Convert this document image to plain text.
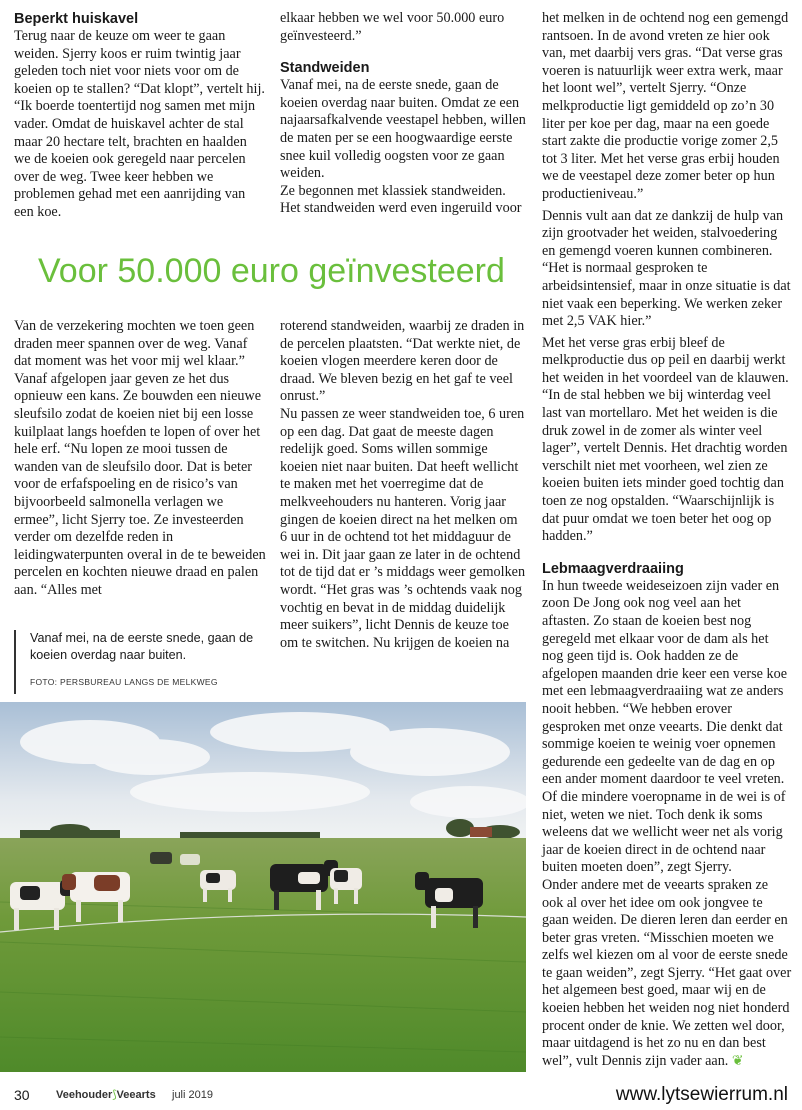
Beperkt huiskavel

Terug naar de keuze om weer te gaan weiden. Sjerry koos er ruim twintig jaar geleden toch niet voor niets voor om de koeien op te stallen? “Dat klopt”, vertelt hij. “Ik boerde toentertijd nog samen met mijn vader. Omdat de huiskavel achter de stal maar 20 hectare telt, brachten en haalden we de koeien ook geregeld naar percelen over de weg. Twee keer hebben we problemen gehad met een aanrijding van een koe.

elkaar hebben we wel voor 50.000 euro geïnvesteerd.”

Standweiden

Vanaf mei, na de eerste snede, gaan de koeien overdag naar buiten. Omdat ze een najaarsafkalvende veestapel hebben, willen de maten per se een hoogwaardige eerste snee kuil volledig oogsten voor ze gaan weiden.

Ze begonnen met klassiek standweiden. Het standweiden werd even ingeruild voor

Voor 50.000 euro geïnvesteerd

Van de verzekering mochten we toen geen draden meer spannen over de weg. Vanaf dat moment was het voor mij wel klaar.”

Vanaf afgelopen jaar geven ze het dus opnieuw een kans. Ze bouwden een nieuwe sleufsilo zodat de koeien niet bij een losse kuilplaat langs hoefden te lopen of over het hele erf. “Nu lopen ze mooi tussen de wanden van de sleufsilo door. Dat is beter voor de erfafspoeling en de risico’s van bijvoorbeeld salmonella verlagen we ermee”, licht Sjerry toe. Ze investeerden verder om dezelfde reden in leidingwaterpunten overal in de te beweiden percelen en kochten nieuwe draad en palen aan. “Alles met

roterend standweiden, waarbij ze draden in de percelen plaatsten. “Dat werkte niet, de koeien vlogen meerdere keren door de draad. We bleven bezig en het gaf te veel onrust.”

Nu passen ze weer standweiden toe, 6 uren op een dag. Dat gaat de meeste dagen redelijk goed. Soms willen sommige koeien niet naar buiten. Dat heeft wellicht te maken met het voerregime dat de melkveehouders nu hanteren. Vorig jaar gingen de koeien direct na het melken om 6 uur in de ochtend tot het middaguur de wei in. Dit jaar gaan ze later in de ochtend tot de tijd dat er ’s middags weer gemolken wordt. “Het gras was ’s ochtends vaak nog vochtig en bevat in de middag duidelijk meer suikers”, licht Dennis de keuze toe om te switchen. Nu krijgen de koeien na

het melken in de ochtend nog een gemengd rantsoen. In de avond vreten ze hier ook van, met daarbij vers gras. “Dat verse gras voeren is natuurlijk weer extra werk, maar het loont wel”, vertelt Sjerry. “Onze melkproductie ligt gemiddeld op zo’n 30 liter per koe per dag, maar na een goede start zakte die productie vorige zomer 2,5 tot 3 liter. Met het verse gras erbij houden we de veestapel deze zomer beter op hun productieniveau.”

Dennis vult aan dat ze dankzij de hulp van zijn grootvader het weiden, stalvoedering en gemengd voeren kunnen combineren. “Het is normaal gesproken te arbeidsintensief, maar in onze situatie is dat niet vaak een beperking. We werken zeker met 2,5 VAK hier.”

Met het verse gras erbij bleef de melkproductie dus op peil en daarbij werkt het weiden in het voordeel van de klauwen. “In de stal hebben we bij winterdag veel last van mortellaro. Met het weiden is die druk zowel in de zomer als winter veel lager”, vertelt Dennis. Het drachtig worden verschilt niet met voorheen, wel zien ze koeien buiten iets minder goed tochtig dan toen ze nog opstalden. “Waarschijnlijk is dat puur omdat we toen beter het oog op hadden.”

Lebmaagverdraaiing

In hun tweede weideseizoen zijn vader en zoon De Jong ook nog veel aan het aftasten. Zo staan de koeien best nog geregeld met elkaar voor de dam als het nog geen tijd is. Ook hadden ze de afgelopen maanden drie keer een verse koe met een lebmaagverdraaiing wat ze anders nooit hebben. “We hebben erover gesproken met onze veearts. Die denkt dat sommige koeien te weinig voer opnemen gedurende een gedeelte van de dag en op een ander moment daardoor te veel vreten. Of die mindere voeropname in de wei is of niet, weten we niet. Toch denk ik soms weleens dat we wellicht weer net als vorig jaar de koeien direct in de ochtend naar buiten moeten doen”, zegt Sjerry.

Onder andere met de veearts spraken ze ook al over het idee om ook jongvee te gaan weiden. De dieren leren dan eerder en beter gras vreten. “Misschien moeten we zelfs wel kiezen om al voor de eerste snede te gaan weiden”, zegt Sjerry. “Het gaat over het algemeen best goed, maar wij en de koeien hebben het weiden nog niet honderd procent onder de knie. We zetten wel door, maar uitdagend is het zo nu en dan best wel”, vult Dennis zijn vader aan. ❦

Vanaf mei, na de eerste snede, gaan de koeien overdag naar buiten.
FOTO: PERSBUREAU LANGS DE MELKWEG
30 Veehouder⟆Veearts juli 2019	www.lytsewierrum.nl
